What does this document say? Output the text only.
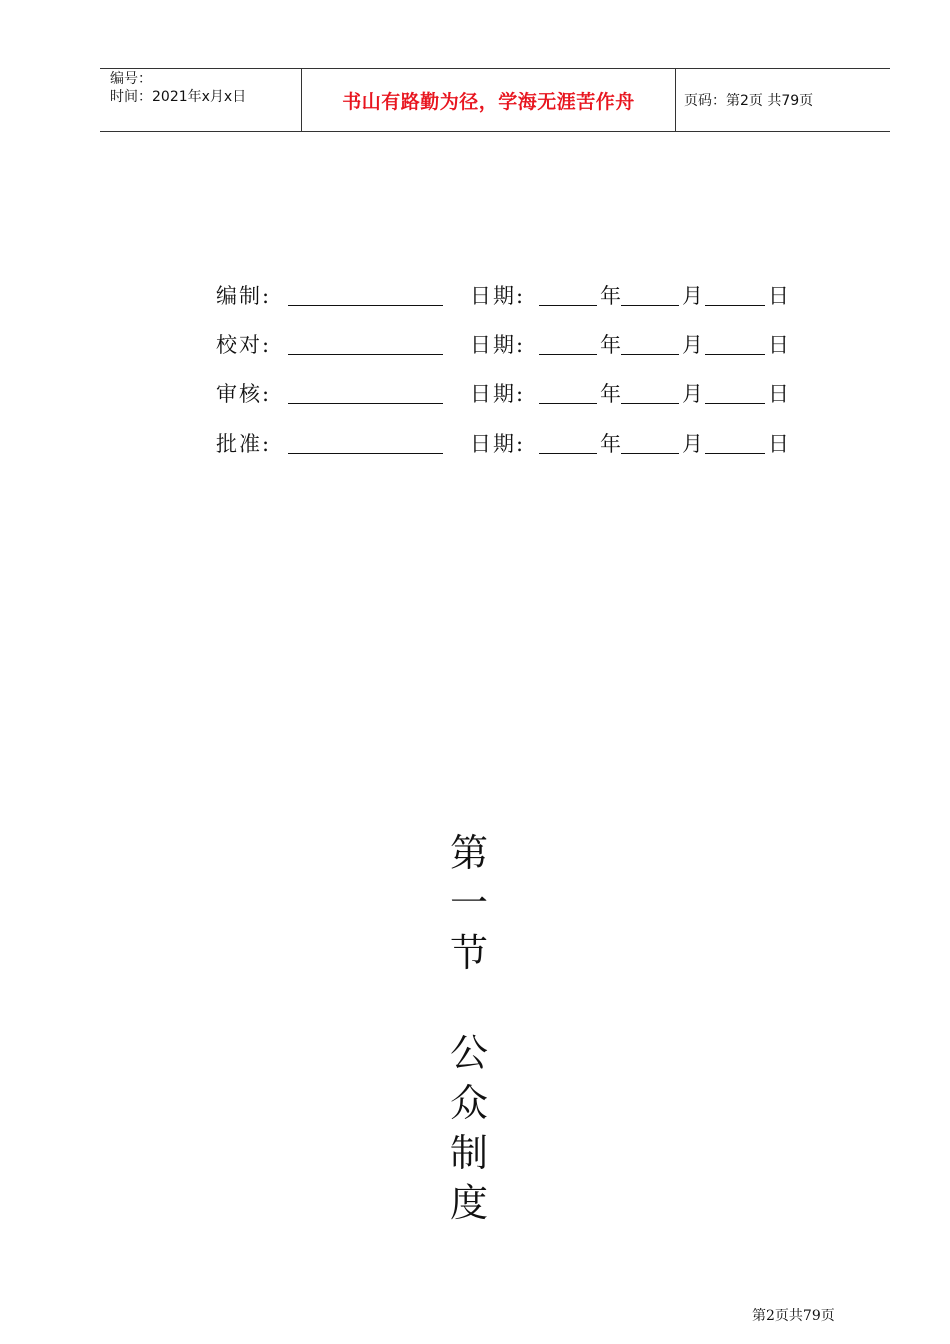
编号：
时间：2021年x月x日	书山有路勤为径，学海无涯苦作舟	页码：第2页 共79页
编制:	日期:	年	月	日
校对:	日期:	年	月	日
审核:	日期:	年	月	日
批准:	日期:	年	月	日
第
一
节
公
众
制
度
第2页共79页
